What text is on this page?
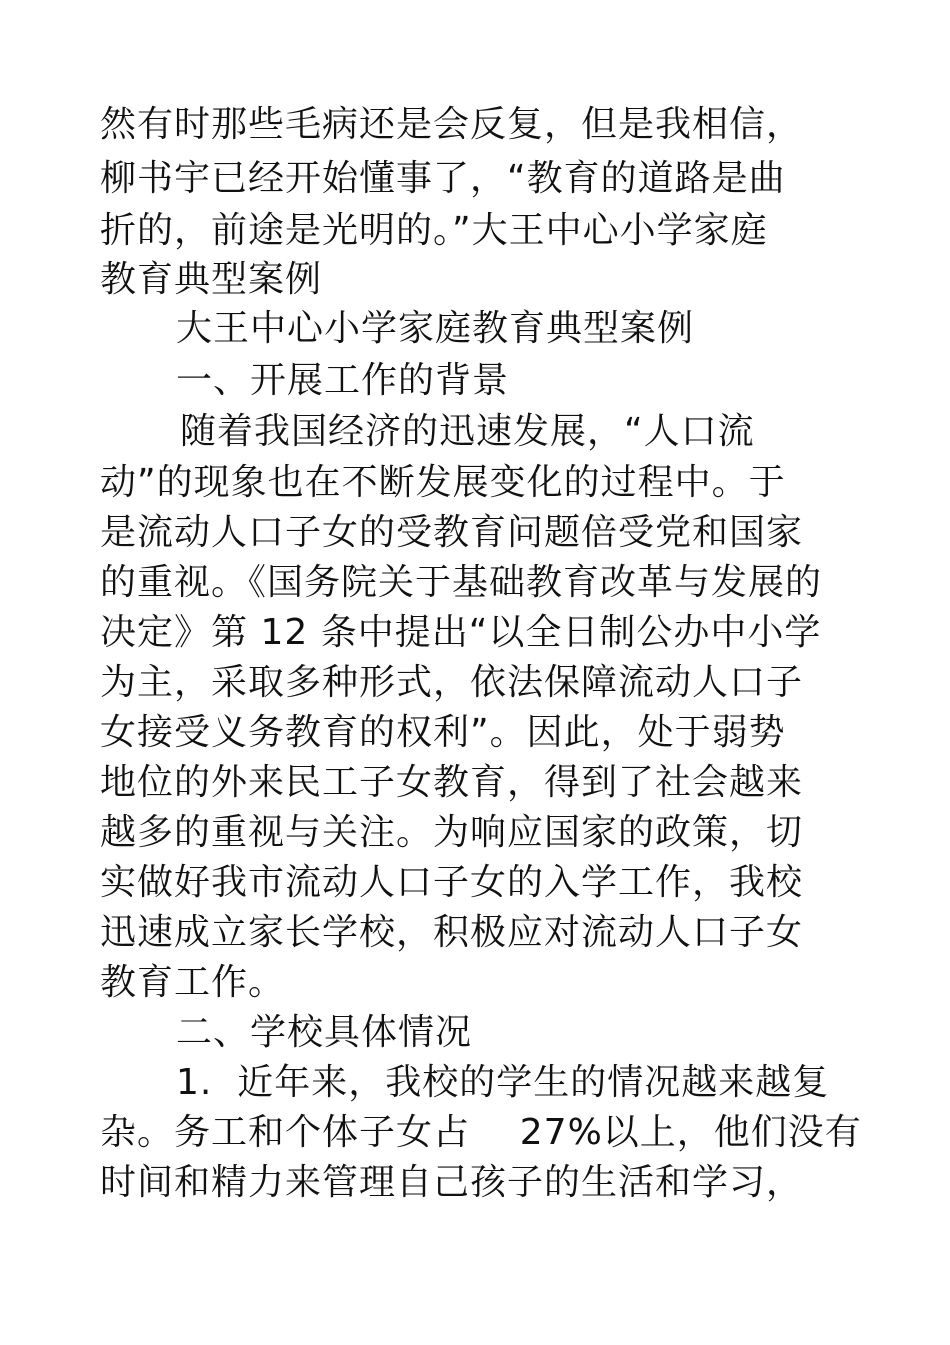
然有时那些毛病还是会反复，但是我相信，
柳书宇已经开始懂事了，“教育的道路是曲
折的，前途是光明的。”大王中心小学家庭
教育典型案例
大王中心小学家庭教育典型案例
一、开展工作的背景
随着我国经济的迅速发展，“人口流
动”的现象也在不断发展变化的过程中。于
是流动人口子女的受教育问题倍受党和国家
的重视。《国务院关于基础教育改革与发展的
决定》第 12 条中提出“以全日制公办中小学
为主，采取多种形式，依法保障流动人口子
女接受义务教育的权利”。因此，处于弱势
地位的外来民工子女教育，得到了社会越来
越多的重视与关注。为响应国家的政策，切
实做好我市流动人口子女的入学工作，我校
迅速成立家长学校，积极应对流动人口子女
教育工作。
二、学校具体情况
1.  近年来，我校的学生的情况越来越复
杂。务工和个体子女占    27%以上，他们没有
时间和精力来管理自己孩子的生活和学习，
